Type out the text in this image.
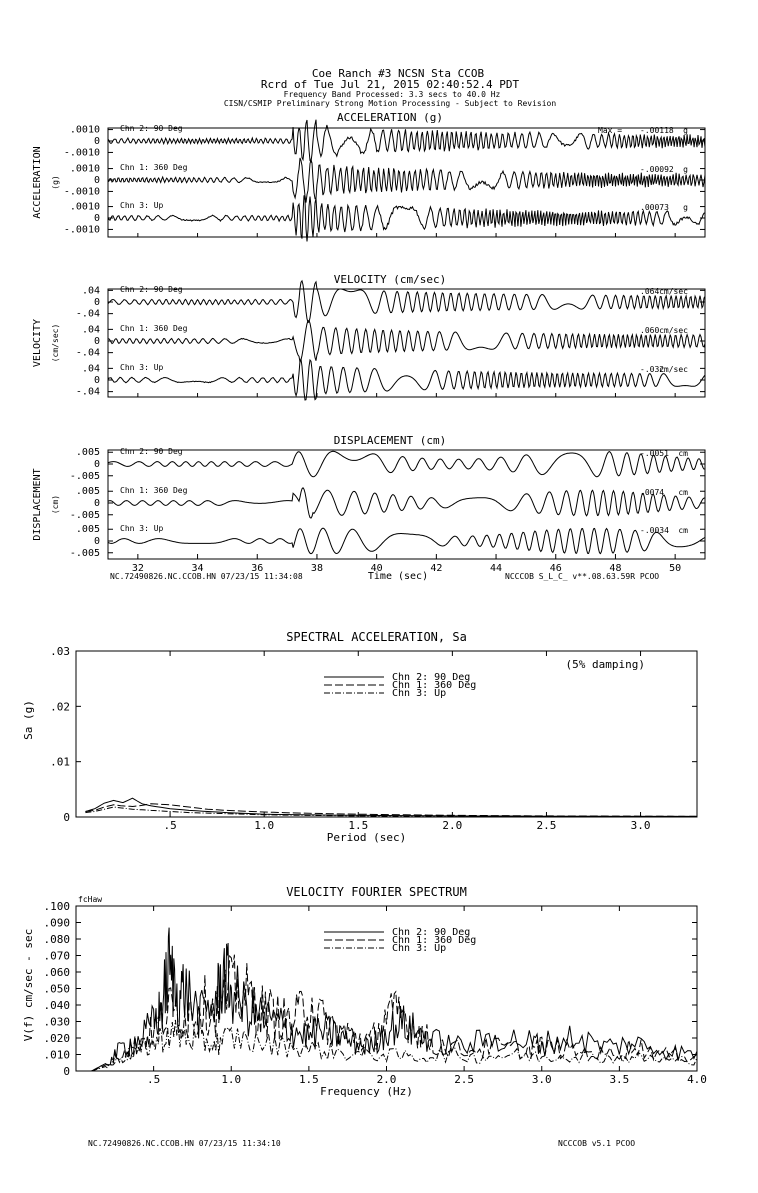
Coe Ranch #3 NCSN Sta CCOB
Rcrd of Tue Jul 21, 2015 02:40:52.4 PDT
Frequency Band Processed: 3.3 secs to 40.0 Hz
CISN/CSMIP Preliminary Strong Motion Processing - Subject to Revision
ACCELERATION (g)
ACCELERATION (g)
.0010
0
-.0010
Chn 2: 90 Deg	Max = -.00118 g
.0010
0
-.0010
Chn 1: 360 Deg	-.00092 g
.0010
0
-.0010
Chn 3: Up	.00073 g
VELOCITY (cm/sec)
VELOCITY (cm/sec)
.04
0
-.04
Chn 2: 90 Deg	.064 cm/sec
.04
0
-.04
Chn 1: 360 Deg	.060 cm/sec
.04
0
-.04
Chn 3: Up	-.032
cm/sec
DISPLACEMENT (cm)
DISPLACEMENT (cm)
32	34	36	38	40	42	44	46	48	50
Time (sec)
NC.72490826.NC.CCOB.HN 07/23/15 11:34:08	NCCCOB S_L_C_ v**.08.63.59R PCOO
.005
0
-.005
Chn 2: 90 Deg	-.0051 cm
.005
0
-.005
Chn 1: 360 Deg	.0074 cm
.005
0
-.005
Chn 3: Up	-.0034 cm
SPECTRAL ACCELERATION, Sa
.5	1.0	1.5	2.0	2.5	3.0
.03
.02
.01
0
Period (sec)
Sa (g)
Chn 2: 90 Deg
Chn 1: 360 Deg
Chn 3: Up
(5% damping)
VELOCITY FOURIER SPECTRUM
.5	1.0	1.5	2.0	2.5	3.0	3.5	4.0
.100
.090
.080
.070
.060
.050
.040
.030
.020
.010
0
Frequency (Hz)
V(f) cm/sec - sec	Chn 2: 90 Deg
Chn 1: 360 Deg
Chn 3: Up
fcHaw
NC.72490826.NC.CCOB.HN 07/23/15 11:34:10	NCCCOB v5.1 PCOO
